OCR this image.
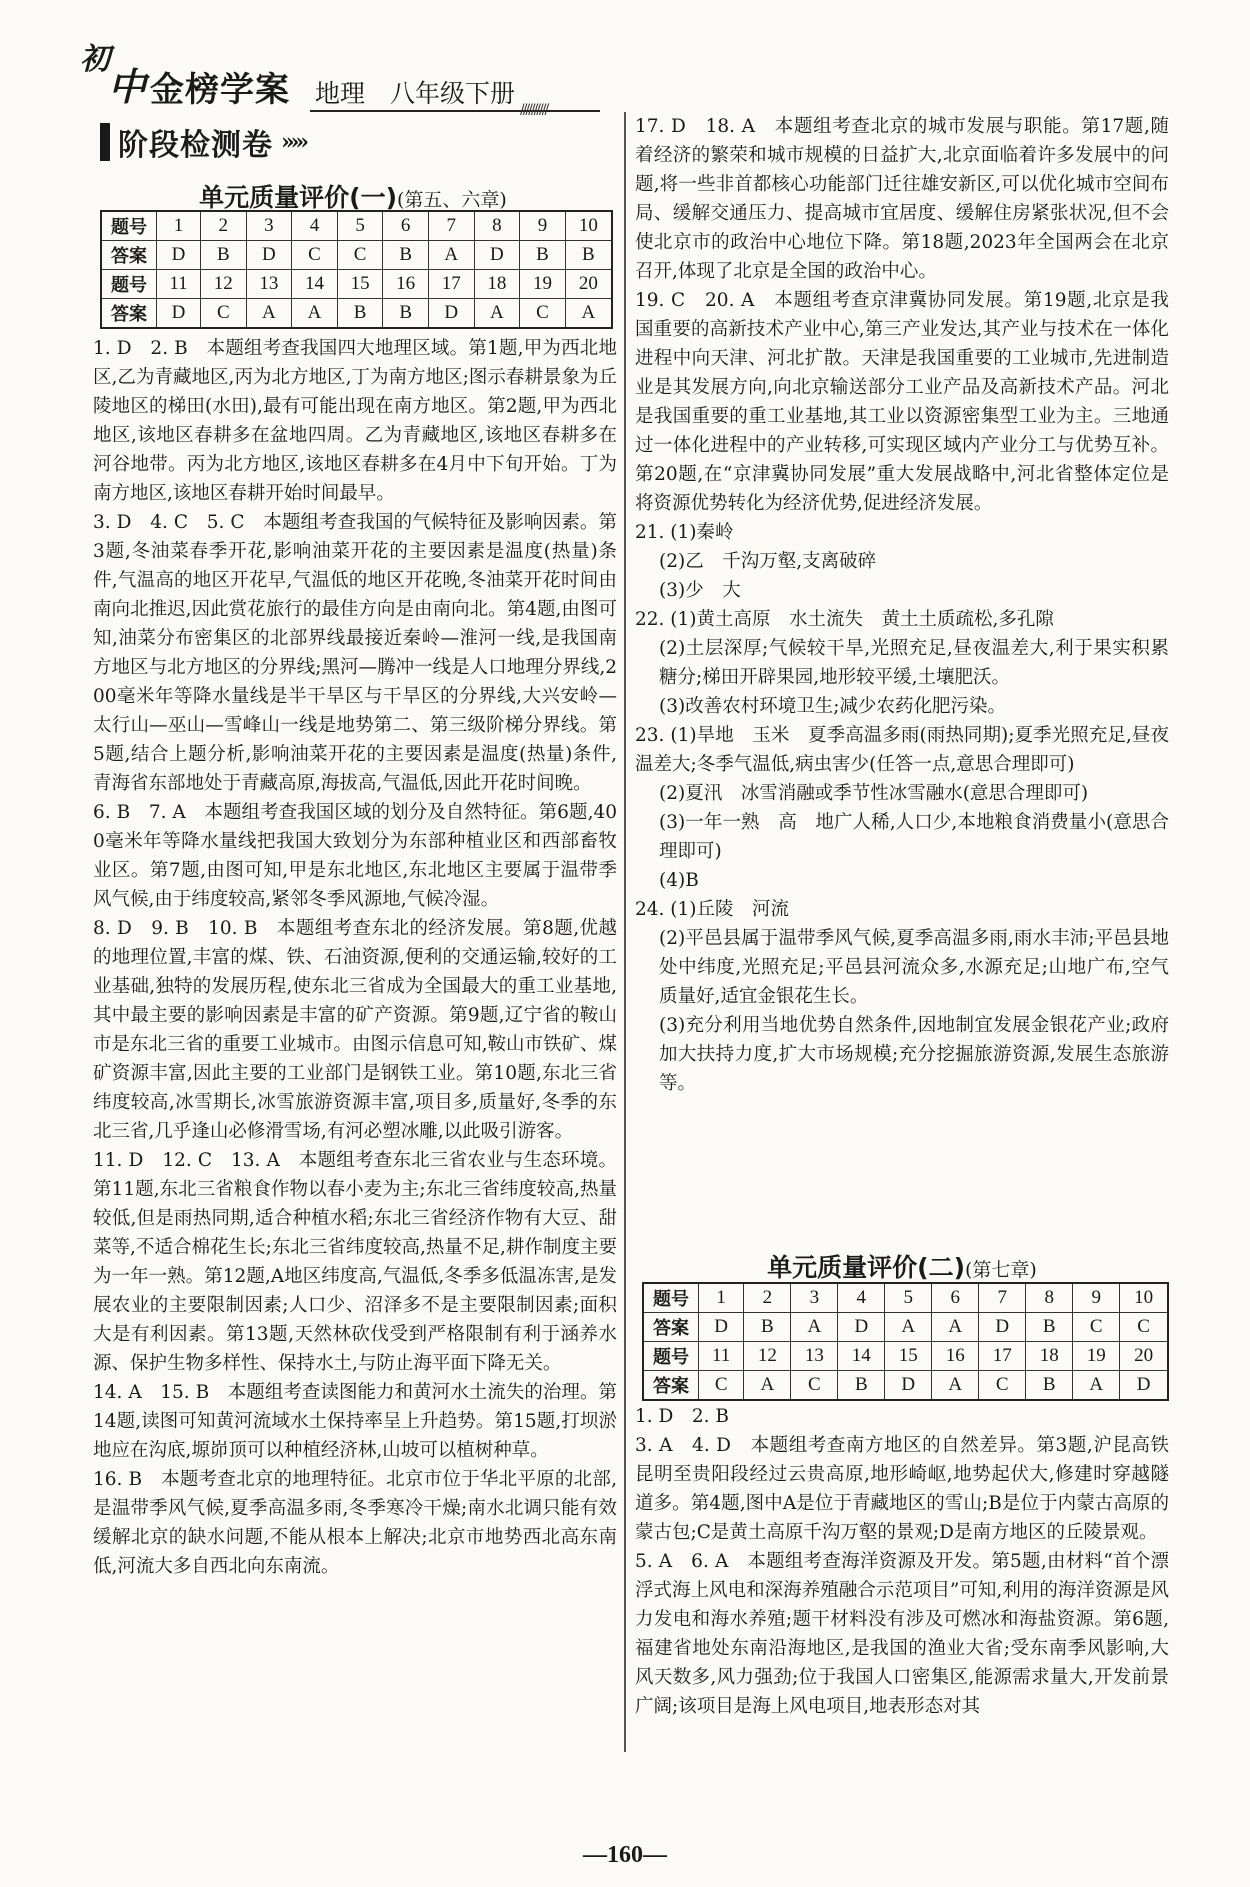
初
中 金榜学案 地理　八年级下册
//////////
阶段检测卷 ›››››
单元质量评价(一)(第五、六章)
题号	1	2	3	4	5	6	7	8	9	10
答案	D	B	D	C	C	B	A	D	B	B
题号	11	12	13	14	15	16	17	18	19	20
答案	D	C	A	A	B	B	D	A	C	A

1. D　2. B　本题组考查我国四大地理区域。第1题,甲为西北地区,乙为青藏地区,丙为北方地区,丁为南方地区;图示春耕景象为丘陵地区的梯田(水田),最有可能出现在南方地区。第2题,甲为西北地区,该地区春耕多在盆地四周。乙为青藏地区,该地区春耕多在河谷地带。丙为北方地区,该地区春耕多在4月中下旬开始。丁为南方地区,该地区春耕开始时间最早。

3. D　4. C　5. C　本题组考查我国的气候特征及影响因素。第3题,冬油菜春季开花,影响油菜开花的主要因素是温度(热量)条件,气温高的地区开花早,气温低的地区开花晚,冬油菜开花时间由南向北推迟,因此赏花旅行的最佳方向是由南向北。第4题,由图可知,油菜分布密集区的北部界线最接近秦岭—淮河一线,是我国南方地区与北方地区的分界线;黑河—腾冲一线是人口地理分界线,200毫米年等降水量线是半干旱区与干旱区的分界线,大兴安岭—太行山—巫山—雪峰山一线是地势第二、第三级阶梯分界线。第5题,结合上题分析,影响油菜开花的主要因素是温度(热量)条件,青海省东部地处于青藏高原,海拔高,气温低,因此开花时间晚。

6. B　7. A　本题组考查我国区域的划分及自然特征。第6题,400毫米年等降水量线把我国大致划分为东部种植业区和西部畜牧业区。第7题,由图可知,甲是东北地区,东北地区主要属于温带季风气候,由于纬度较高,紧邻冬季风源地,气候冷湿。

8. D　9. B　10. B　本题组考查东北的经济发展。第8题,优越的地理位置,丰富的煤、铁、石油资源,便利的交通运输,较好的工业基础,独特的发展历程,使东北三省成为全国最大的重工业基地,其中最主要的影响因素是丰富的矿产资源。第9题,辽宁省的鞍山市是东北三省的重要工业城市。由图示信息可知,鞍山市铁矿、煤矿资源丰富,因此主要的工业部门是钢铁工业。第10题,东北三省纬度较高,冰雪期长,冰雪旅游资源丰富,项目多,质量好,冬季的东北三省,几乎逢山必修滑雪场,有河必塑冰雕,以此吸引游客。

11. D　12. C　13. A　本题组考查东北三省农业与生态环境。第11题,东北三省粮食作物以春小麦为主;东北三省纬度较高,热量较低,但是雨热同期,适合种植水稻;东北三省经济作物有大豆、甜菜等,不适合棉花生长;东北三省纬度较高,热量不足,耕作制度主要为一年一熟。第12题,A地区纬度高,气温低,冬季多低温冻害,是发展农业的主要限制因素;人口少、沼泽多不是主要限制因素;面积大是有利因素。第13题,天然林砍伐受到严格限制有利于涵养水源、保护生物多样性、保持水土,与防止海平面下降无关。

14. A　15. B　本题组考查读图能力和黄河水土流失的治理。第14题,读图可知黄河流域水土保持率呈上升趋势。第15题,打坝淤地应在沟底,塬峁顶可以种植经济林,山坡可以植树种草。

16. B　本题考查北京的地理特征。北京市位于华北平原的北部,是温带季风气候,夏季高温多雨,冬季寒冷干燥;南水北调只能有效缓解北京的缺水问题,不能从根本上解决;北京市地势西北高东南低,河流大多自西北向东南流。

17. D　18. A　本题组考查北京的城市发展与职能。第17题,随着经济的繁荣和城市规模的日益扩大,北京面临着许多发展中的问题,将一些非首都核心功能部门迁往雄安新区,可以优化城市空间布局、缓解交通压力、提高城市宜居度、缓解住房紧张状况,但不会使北京市的政治中心地位下降。第18题,2023年全国两会在北京召开,体现了北京是全国的政治中心。

19. C　20. A　本题组考查京津冀协同发展。第19题,北京是我国重要的高新技术产业中心,第三产业发达,其产业与技术在一体化进程中向天津、河北扩散。天津是我国重要的工业城市,先进制造业是其发展方向,向北京输送部分工业产品及高新技术产品。河北是我国重要的重工业基地,其工业以资源密集型工业为主。三地通过一体化进程中的产业转移,可实现区域内产业分工与优势互补。第20题,在“京津冀协同发展”重大发展战略中,河北省整体定位是将资源优势转化为经济优势,促进经济发展。

21. (1)秦岭

(2)乙　千沟万壑,支离破碎

(3)少　大

22. (1)黄土高原　水土流失　黄土土质疏松,多孔隙

(2)土层深厚;气候较干旱,光照充足,昼夜温差大,利于果实积累糖分;梯田开辟果园,地形较平缓,土壤肥沃。

(3)改善农村环境卫生;减少农药化肥污染。

23. (1)旱地　玉米　夏季高温多雨(雨热同期);夏季光照充足,昼夜温差大;冬季气温低,病虫害少(任答一点,意思合理即可)

(2)夏汛　冰雪消融或季节性冰雪融水(意思合理即可)

(3)一年一熟　高　地广人稀,人口少,本地粮食消费量小(意思合理即可)

(4)B

24. (1)丘陵　河流

(2)平邑县属于温带季风气候,夏季高温多雨,雨水丰沛;平邑县地处中纬度,光照充足;平邑县河流众多,水源充足;山地广布,空气质量好,适宜金银花生长。

(3)充分利用当地优势自然条件,因地制宜发展金银花产业;政府加大扶持力度,扩大市场规模;充分挖掘旅游资源,发展生态旅游等。

单元质量评价(二)(第七章)
题号	1	2	3	4	5	6	7	8	9	10
答案	D	B	A	D	A	A	D	B	C	C
题号	11	12	13	14	15	16	17	18	19	20
答案	C	A	C	B	D	A	C	B	A	D

1. D　2. B

3. A　4. D　本题组考查南方地区的自然差异。第3题,沪昆高铁昆明至贵阳段经过云贵高原,地形崎岖,地势起伏大,修建时穿越隧道多。第4题,图中A是位于青藏地区的雪山;B是位于内蒙古高原的蒙古包;C是黄土高原千沟万壑的景观;D是南方地区的丘陵景观。

5. A　6. A　本题组考查海洋资源及开发。第5题,由材料“首个漂浮式海上风电和深海养殖融合示范项目”可知,利用的海洋资源是风力发电和海水养殖;题干材料没有涉及可燃冰和海盐资源。第6题,福建省地处东南沿海地区,是我国的渔业大省;受东南季风影响,大风天数多,风力强劲;位于我国人口密集区,能源需求量大,开发前景广阔;该项目是海上风电项目,地表形态对其

—160—
